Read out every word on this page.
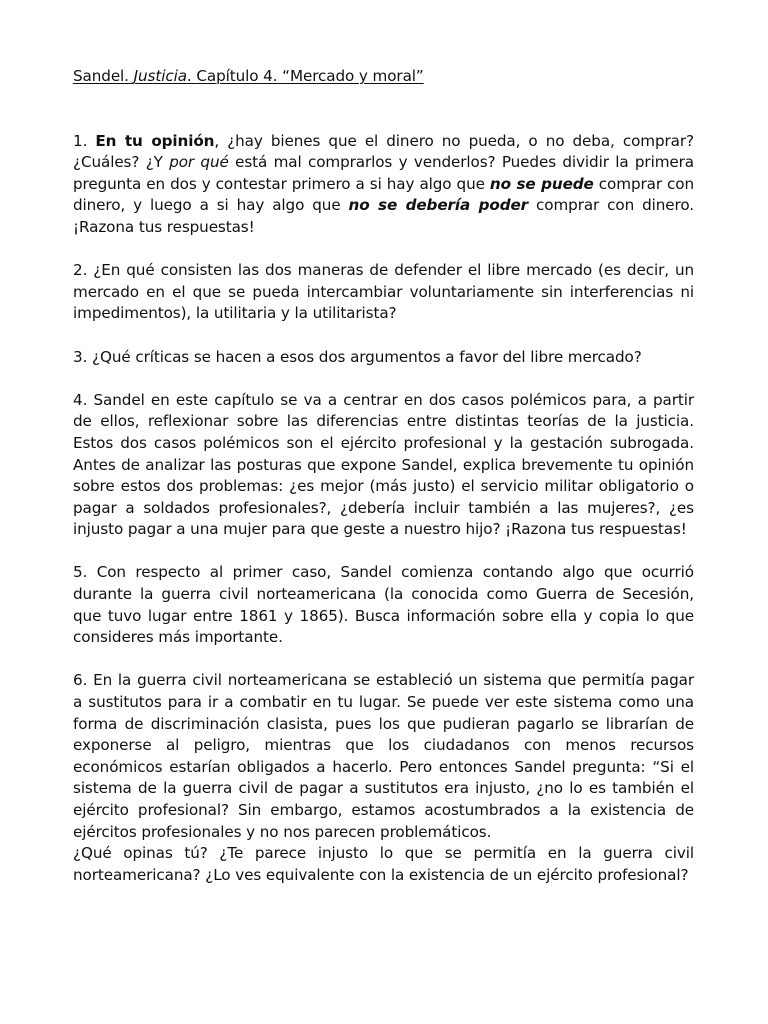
Sandel. Justicia. Capítulo 4. “Mercado y moral”

1. En tu opinión, ¿hay bienes que el dinero no pueda, o no deba, comprar? ¿Cuáles? ¿Y por qué está mal comprarlos y venderlos? Puedes dividir la primera pregunta en dos y contestar primero a si hay algo que no se puede comprar con dinero, y luego a si hay algo que no se debería poder comprar con dinero. ¡Razona tus respuestas!

2. ¿En qué consisten las dos maneras de defender el libre mercado (es decir, un mercado en el que se pueda intercambiar voluntariamente sin interferencias ni impedimentos), la utilitaria y la utilitarista?

3. ¿Qué críticas se hacen a esos dos argumentos a favor del libre mercado?

4. Sandel en este capítulo se va a centrar en dos casos polémicos para, a partir de ellos, reflexionar sobre las diferencias entre distintas teorías de la justicia. Estos dos casos polémicos son el ejército profesional y la gestación subrogada. Antes de analizar las posturas que expone Sandel, explica brevemente tu opinión sobre estos dos problemas: ¿es mejor (más justo) el servicio militar obligatorio o pagar a soldados profesionales?, ¿debería incluir también a las mujeres?, ¿es injusto pagar a una mujer para que geste a nuestro hijo? ¡Razona tus respuestas!

5. Con respecto al primer caso, Sandel comienza contando algo que ocurrió durante la guerra civil norteamericana (la conocida como Guerra de Secesión, que tuvo lugar entre 1861 y 1865). Busca información sobre ella y copia lo que consideres más importante.

6. En la guerra civil norteamericana se estableció un sistema que permitía pagar a sustitutos para ir a combatir en tu lugar. Se puede ver este sistema como una forma de discriminación clasista, pues los que pudieran pagarlo se librarían de exponerse al peligro, mientras que los ciudadanos con menos recursos económicos estarían obligados a hacerlo. Pero entonces Sandel pregunta: “Si el sistema de la guerra civil de pagar a sustitutos era injusto, ¿no lo es también el ejército profesional? Sin embargo, estamos acostumbrados a la existencia de ejércitos profesionales y no nos parecen problemáticos.

¿Qué opinas tú? ¿Te parece injusto lo que se permitía en la guerra civil norteamericana? ¿Lo ves equivalente con la existencia de un ejército profesional?
